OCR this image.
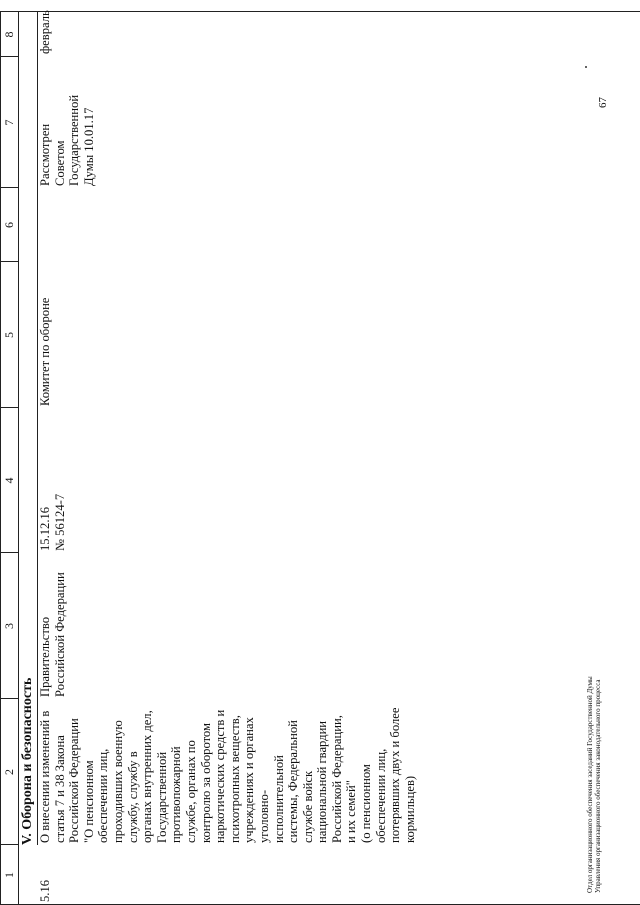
1
2
3
4
5
6
7
8
V. Оборона и безопасность
5.16
О внесении изменений в статья 7 и 38 Закона Российской Федерации "О пенсионном обеспечении лиц, проходивших военную службу, службу в органах внутренних дел, Государственной противопожарной службе, органах по контролю за оборотом наркотических средств и психотропных веществ, учреждениях и органах уголовно- исполнительной системы, Федеральной службе войск национальной гвардии Российской Федерации, и их семей" (о пенсионном обеспечении лиц, потерявших двух и более кормильцев)
Правительство Российской Федерации
15.12.16 № 56124-7
Комитет по обороне
Рассмотрен Советом Государственной Думы 10.01.17
февраль
Отдел организационного обеспечения заседаний Государственной Думы Управления организационного обеспечения законодательного процесса
67
